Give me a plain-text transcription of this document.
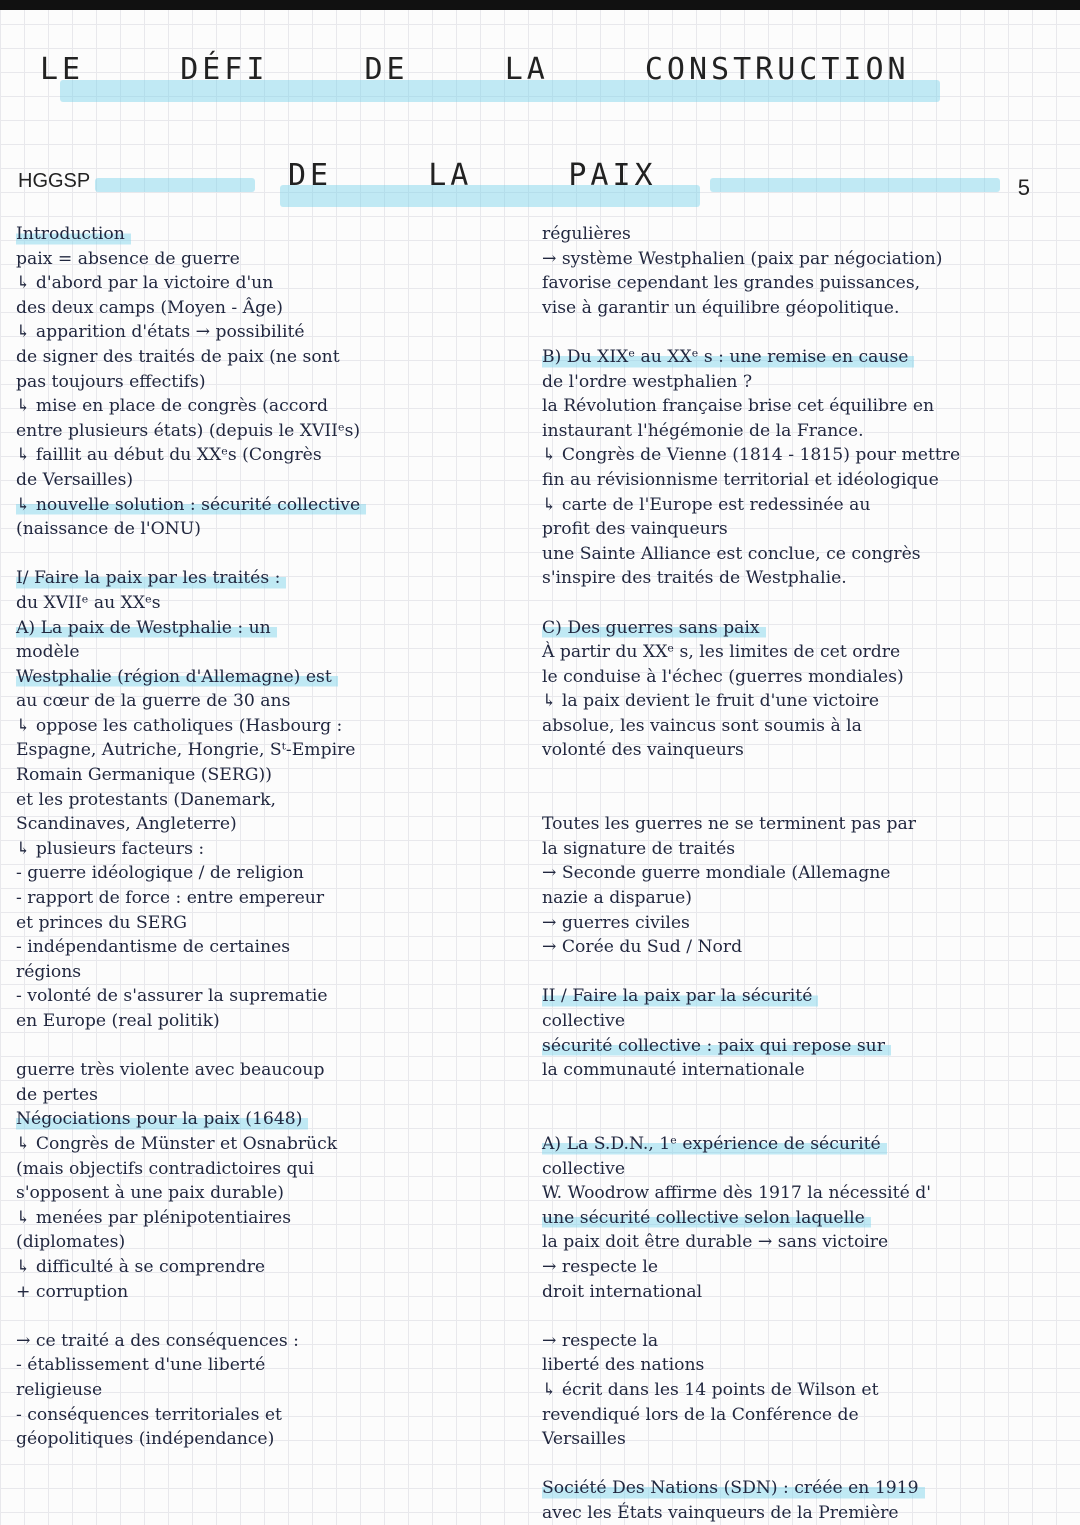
LE	DÉFI	DE	LA	CONSTRUCTION
DE	LA	PAIX
HGGSP	5
Introduction

paix = absence de guerre
↳ d'abord par la victoire d'un
des deux camps (Moyen - Âge)
↳ apparition d'états → possibilité
de signer des traités de paix (ne sont
pas toujours effectifs)
↳ mise en place de congrès (accord
entre plusieurs états) (depuis le XVIIᵉs)
↳ faillit au début du XXᵉs (Congrès
de Versailles)
↳ nouvelle solution : sécurité collective

(naissance de l'ONU)
I/ Faire la paix par les traités :

du XVIIᵉ au XXᵉs
A) La paix de Westphalie : un

modèle
Westphalie (région d'Allemagne) est

au cœur de la guerre de 30 ans
↳ oppose les catholiques (Hasbourg :
Espagne, Autriche, Hongrie, Sᵗ-Empire
Romain Germanique (SERG))
et les protestants (Danemark,
Scandinaves, Angleterre)
↳ plusieurs facteurs :
- guerre idéologique / de religion
- rapport de force : entre empereur
et princes du SERG
- indépendantisme de certaines
régions
- volonté de s'assurer la suprematie
en Europe (real politik)
guerre très violente avec beaucoup
de pertes
Négociations pour la paix (1648)

↳ Congrès de Münster et Osnabrück
(mais objectifs contradictoires qui
s'opposent à une paix durable)
↳ menées par plénipotentiaires
(diplomates)
↳ difficulté à se comprendre
+ corruption
→ ce traité a des conséquences :
- établissement d'une liberté
religieuse
- conséquences territoriales et
géopolitiques (indépendance)
régulières
→ système Westphalien (paix par négociation)
favorise cependant les grandes puissances,
vise à garantir un équilibre géopolitique.
B) Du XIXᵉ au XXᵉ s : une remise en cause

de l'ordre westphalien ?
la Révolution française brise cet équilibre en
instaurant l'hégémonie de la France.
↳ Congrès de Vienne (1814 - 1815) pour mettre
fin au révisionnisme territorial et idéologique
↳ carte de l'Europe est redessinée au
profit des vainqueurs
une Sainte Alliance est conclue, ce congrès
s'inspire des traités de Westphalie.
C) Des guerres sans paix

À partir du XXᵉ s, les limites de cet ordre
le conduise à l'échec (guerres mondiales)
↳ la paix devient le fruit d'une victoire
absolue, les vaincus sont soumis à la
volonté des vainqueurs
Toutes les guerres ne se terminent pas par
la signature de traités
→ Seconde guerre mondiale (Allemagne
nazie a disparue)
→ guerres civiles
→ Corée du Sud / Nord
II / Faire la paix par la sécurité

collective
sécurité collective : paix qui repose sur

la communauté internationale
A) La S.D.N., 1ᵉ expérience de sécurité

collective
W. Woodrow affirme dès 1917 la nécessité d'
une sécurité collective selon laquelle

la paix doit être durable → sans victoire
→ respecte le
droit international
→ respecte la
liberté des nations
↳ écrit dans les 14 points de Wilson et
revendiqué lors de la Conférence de
Versailles
Société Des Nations (SDN) : créée en 1919

avec les États vainqueurs de la Première
